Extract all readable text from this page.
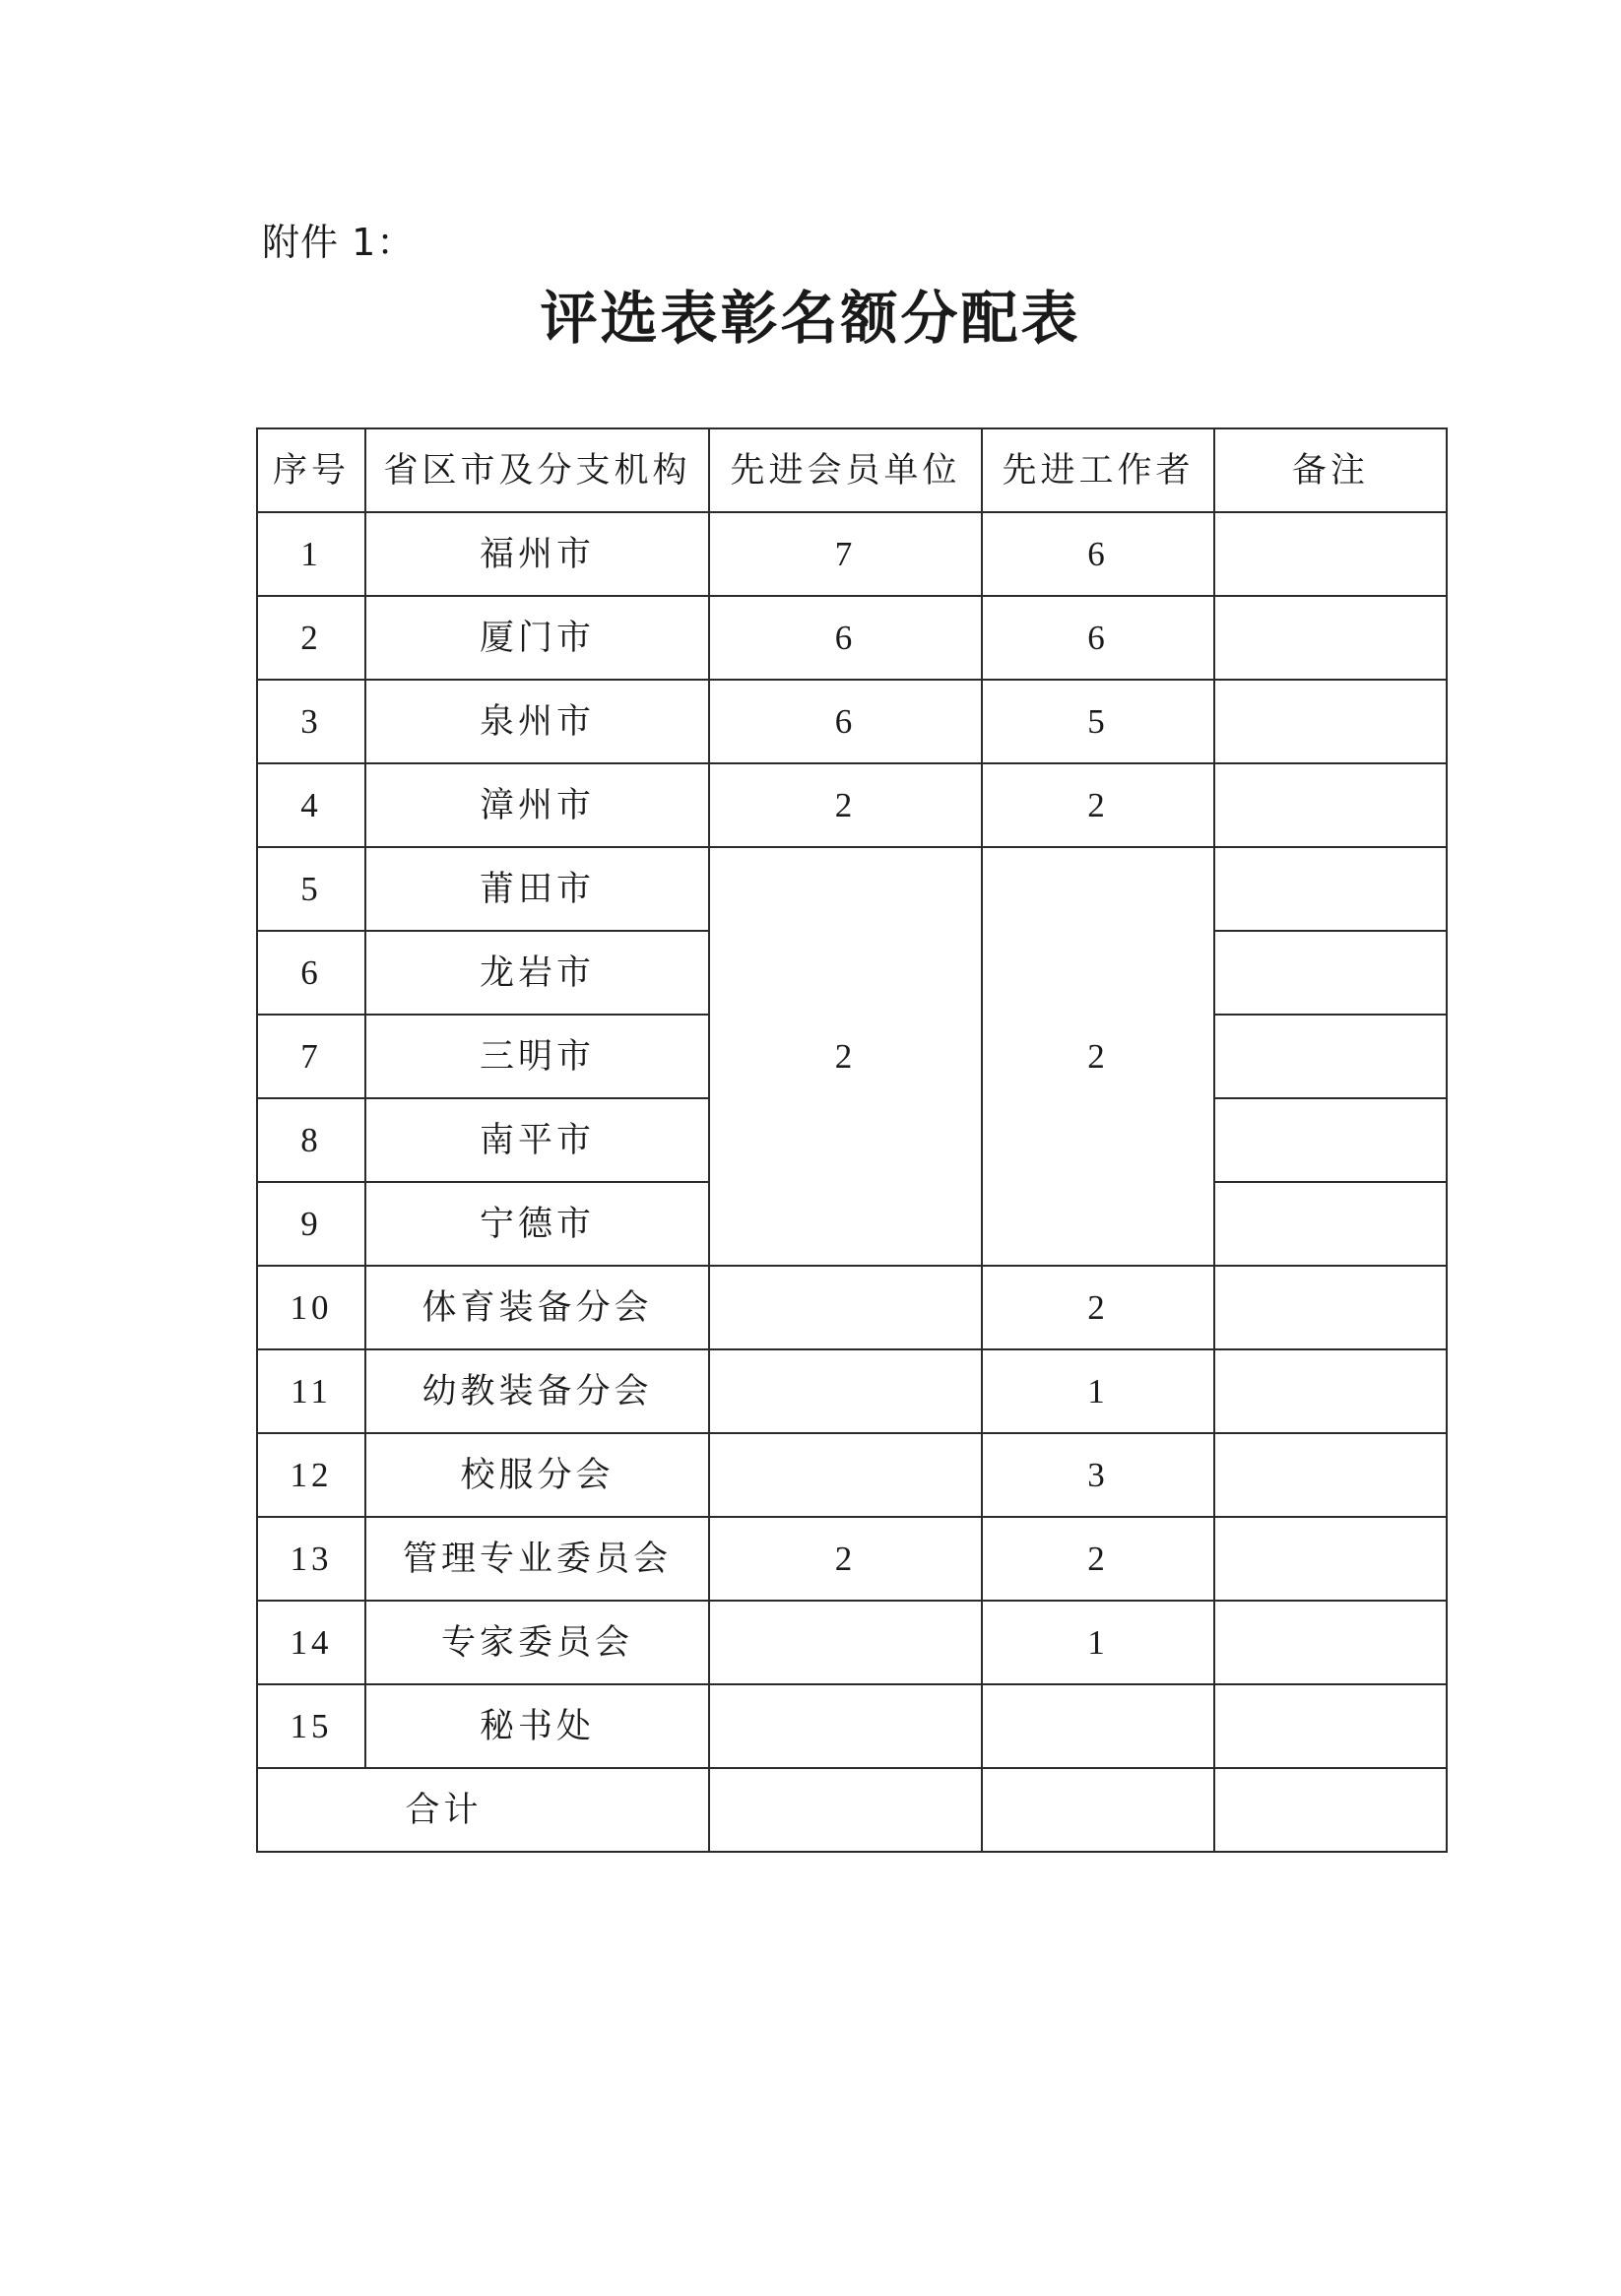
附件 1：
评选表彰名额分配表
序号	省区市及分支机构	先进会员单位	先进工作者	备注
1	福州市	7	6	
2	厦门市	6	6	
3	泉州市	6	5	
4	漳州市	2	2	
5	莆田市	2	2	
6	龙岩市			
7	三明市			
8	南平市			
9	宁德市			
10	体育装备分会		2	
11	幼教装备分会		1	
12	校服分会		3	
13	管理专业委员会	2	2	
14	专家委员会		1	
15	秘书处			
合计				
